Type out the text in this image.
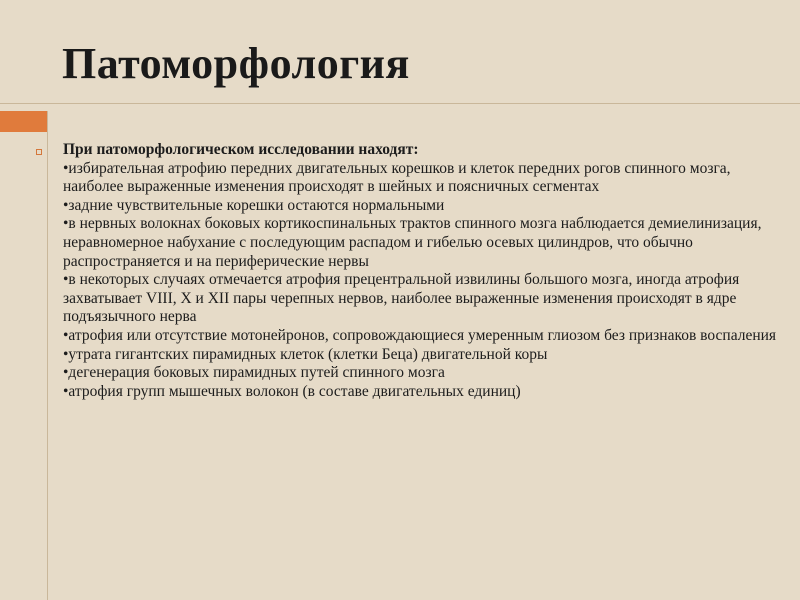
Патоморфология
При патоморфологическом исследовании находят:
•избирательная атрофию передних двигательных корешков и клеток передних рогов спинного мозга, наиболее выраженные изменения происходят в шейных и поясничных сегментах
•задние чувствительные корешки остаются нормальными
•в нервных волокнах боковых кортикоспинальных трактов спинного мозга наблюдается демиелинизация, неравномерное набухание с последующим распадом и гибелью осевых цилиндров, что обычно распространяется и на периферические нервы
•в некоторых случаях отмечается атрофия прецентральной извилины большого мозга, иногда атрофия захватывает VIII, X и XII пары черепных нервов, наиболее выраженные изменения происходят в ядре подъязычного нерва
•атрофия или отсутствие мотонейронов, сопровождающиеся умеренным глиозом без признаков воспаления
•утрата гигантских пирамидных клеток (клетки Беца) двигательной коры
•дегенерация боковых пирамидных путей спинного мозга
•атрофия групп мышечных волокон (в составе двигательных единиц)
